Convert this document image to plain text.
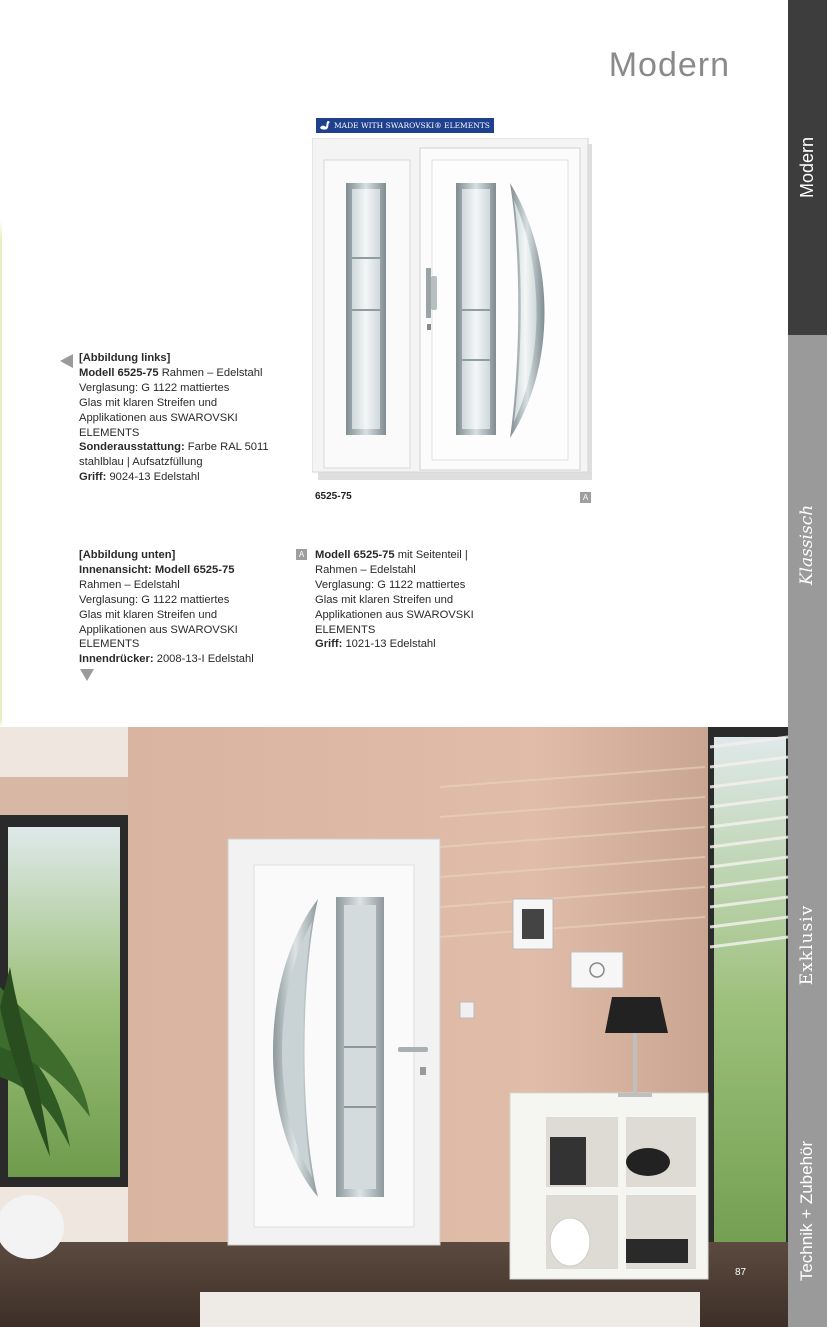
Modern
Modern
Klassisch
Exklusiv
Technik + Zubehör
MADE WITH SWAROVSKI® ELEMENTS
6525-75	A
[Abbildung links]
Modell 6525-75 Rahmen – Edelstahl
Verglasung: G 1122 mattiertes
Glas mit klaren Streifen und
Applikationen aus SWAROVSKI
ELEMENTS
Sonderausstattung: Farbe RAL 5011
stahlblau | Aufsatzfüllung
Griff: 9024-13 Edelstahl
[Abbildung unten]
Innenansicht: Modell 6525-75
Rahmen – Edelstahl
Verglasung: G 1122 mattiertes
Glas mit klaren Streifen und
Applikationen aus SWAROVSKI
ELEMENTS
Innendrücker: 2008-13-I Edelstahl
A Modell 6525-75 mit Seitenteil |
Rahmen – Edelstahl
Verglasung: G 1122 mattiertes
Glas mit klaren Streifen und
Applikationen aus SWAROVSKI
ELEMENTS
Griff: 1021-13 Edelstahl
87
